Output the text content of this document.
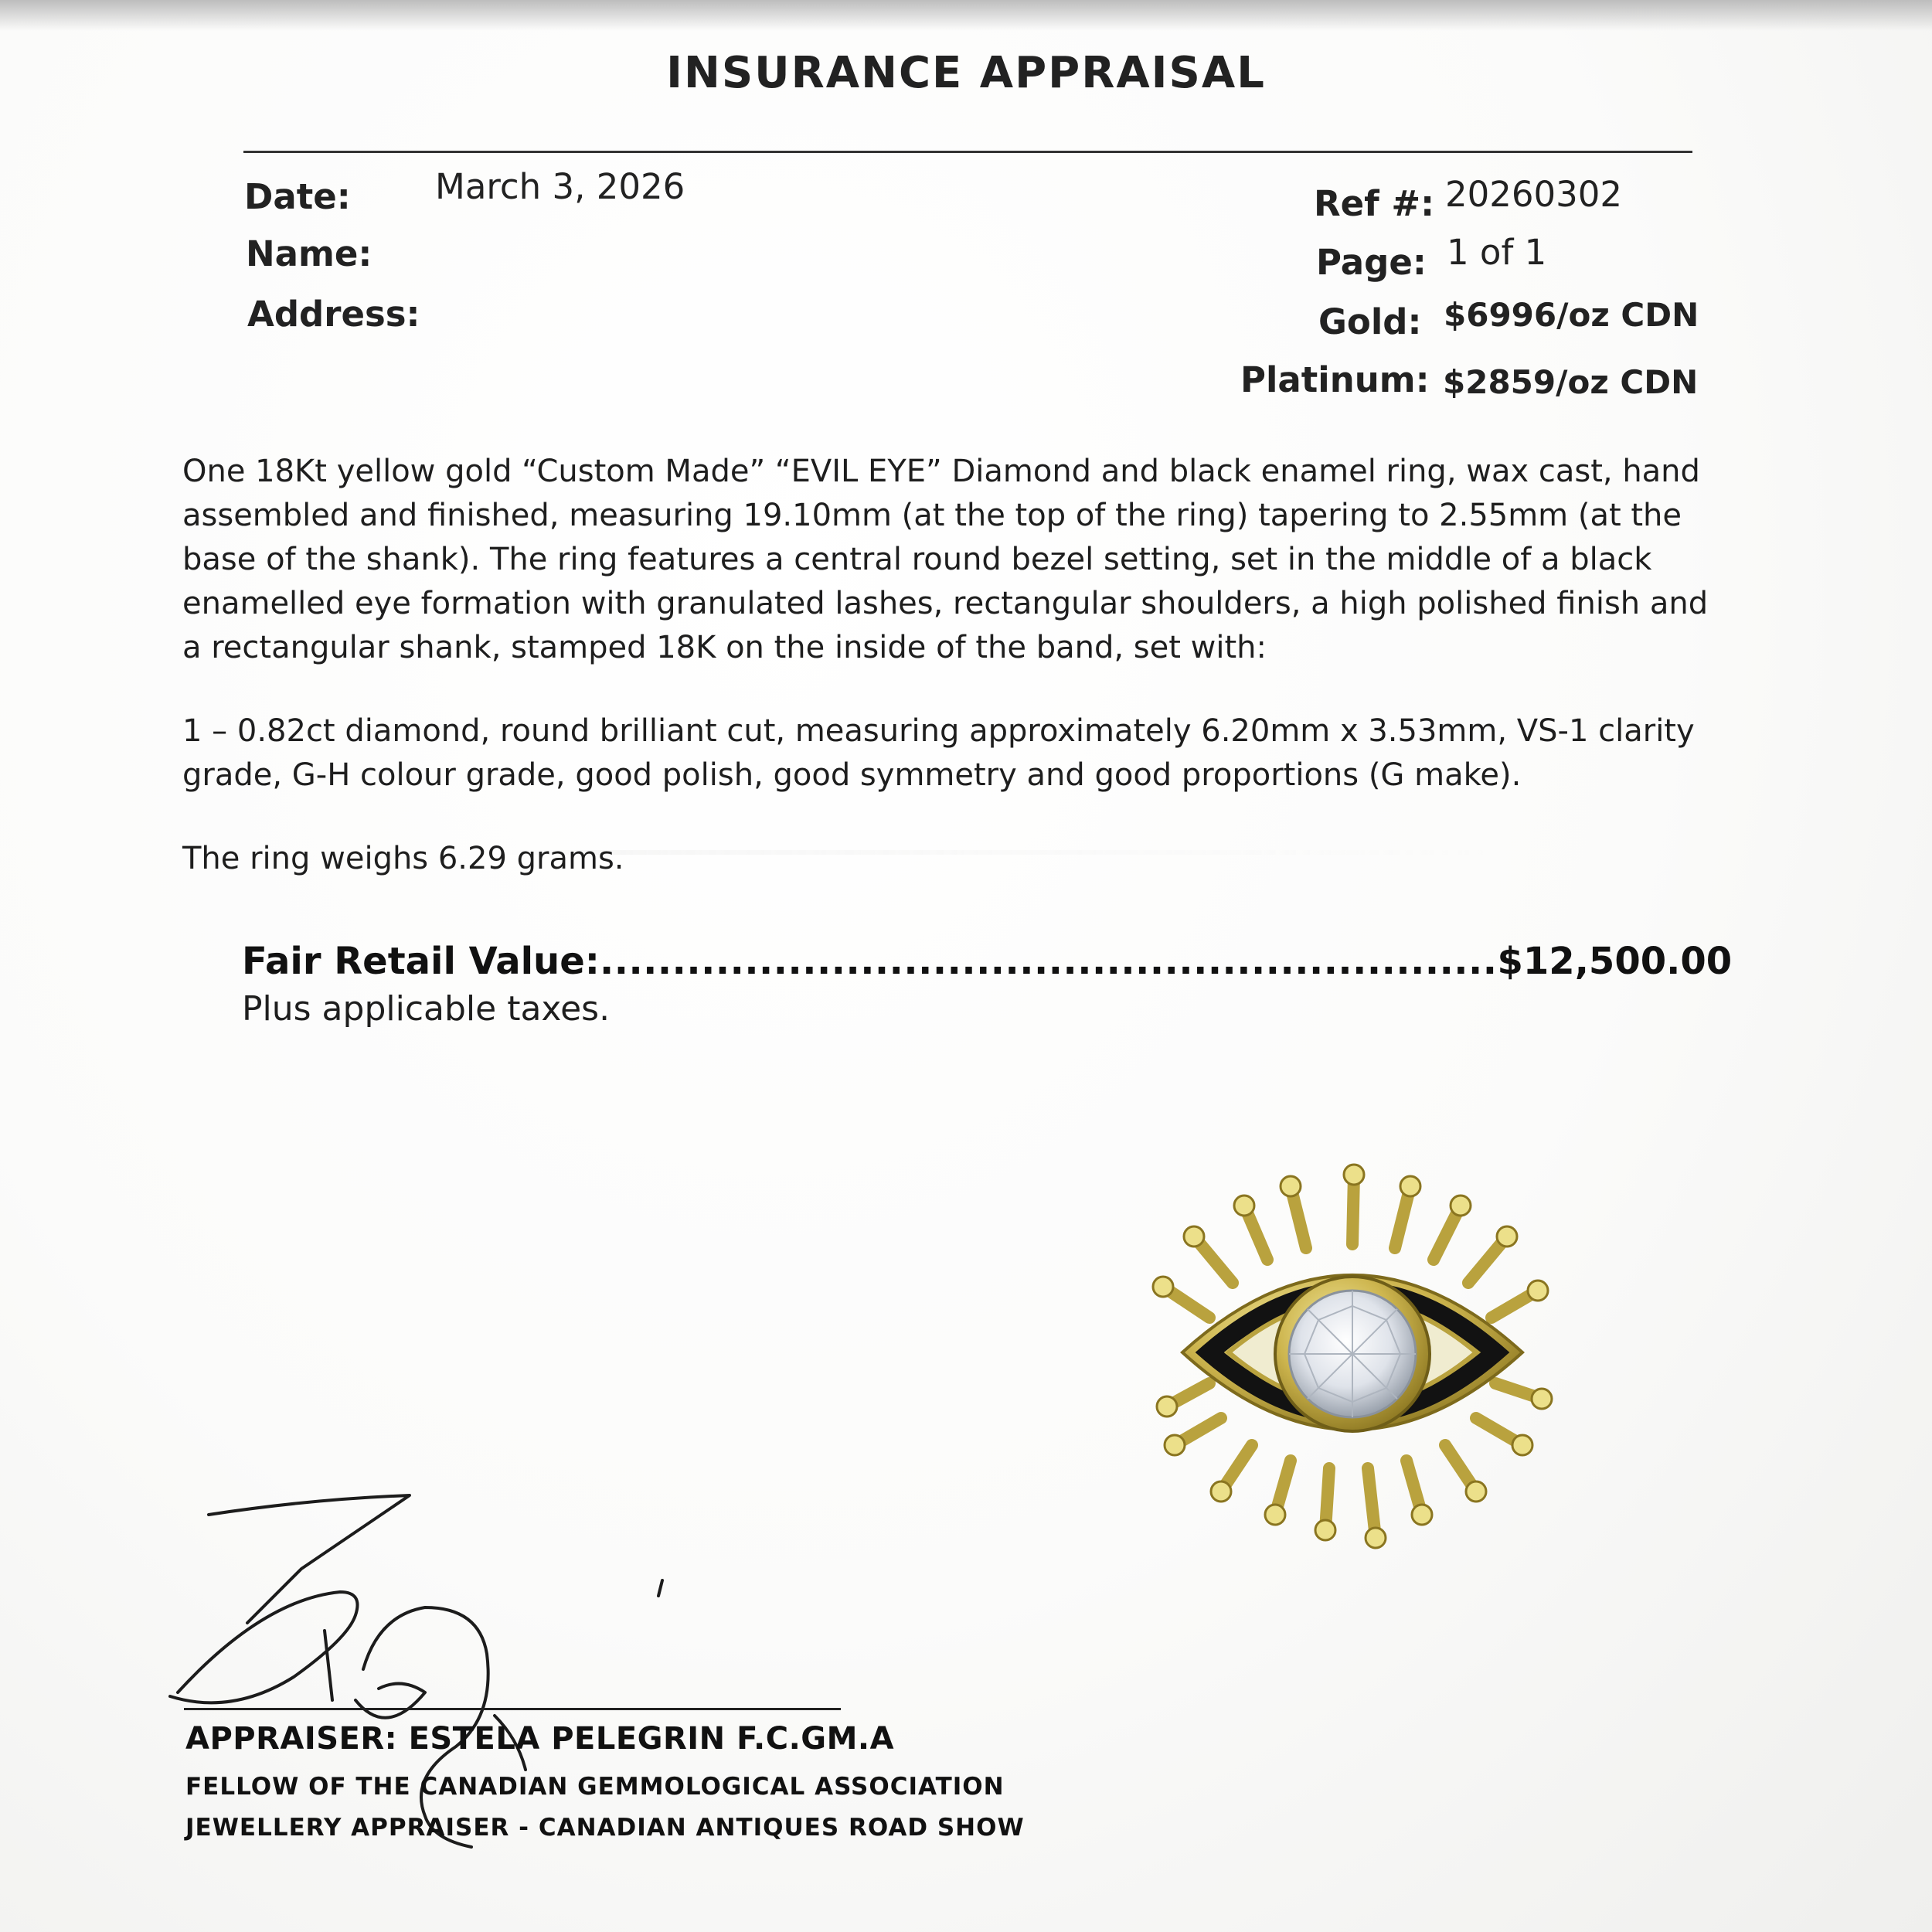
INSURANCE APPRAISAL
Date: March 3, 2026
Name:
Address:
Ref #: 20260302
Page: 1 of 1
Gold: $6996/oz CDN
Platinum: $2859/oz CDN
One 18Kt yellow gold “Custom Made” “EVIL EYE” Diamond and black enamel ring, wax cast, hand assembled and finished, measuring 19.10mm (at the top of the ring) tapering to 2.55mm (at the base of the shank). The ring features a central round bezel setting, set in the middle of a black enamelled eye formation with granulated lashes, rectangular shoulders, a high polished finish and a rectangular shank, stamped 18K on the inside of the band, set with:
1 – 0.82ct diamond, round brilliant cut, measuring approximately 6.20mm x 3.53mm, VS-1 clarity grade, G-H colour grade, good polish, good symmetry and good proportions (G make).
The ring weighs 6.29 grams.
Fair Retail Value:..............................................................$12,500.00
Plus applicable taxes.
APPRAISER: ESTELA PELEGRIN F.C.GM.A
FELLOW OF THE CANADIAN GEMMOLOGICAL ASSOCIATION
JEWELLERY APPRAISER - CANADIAN ANTIQUES ROAD SHOW
